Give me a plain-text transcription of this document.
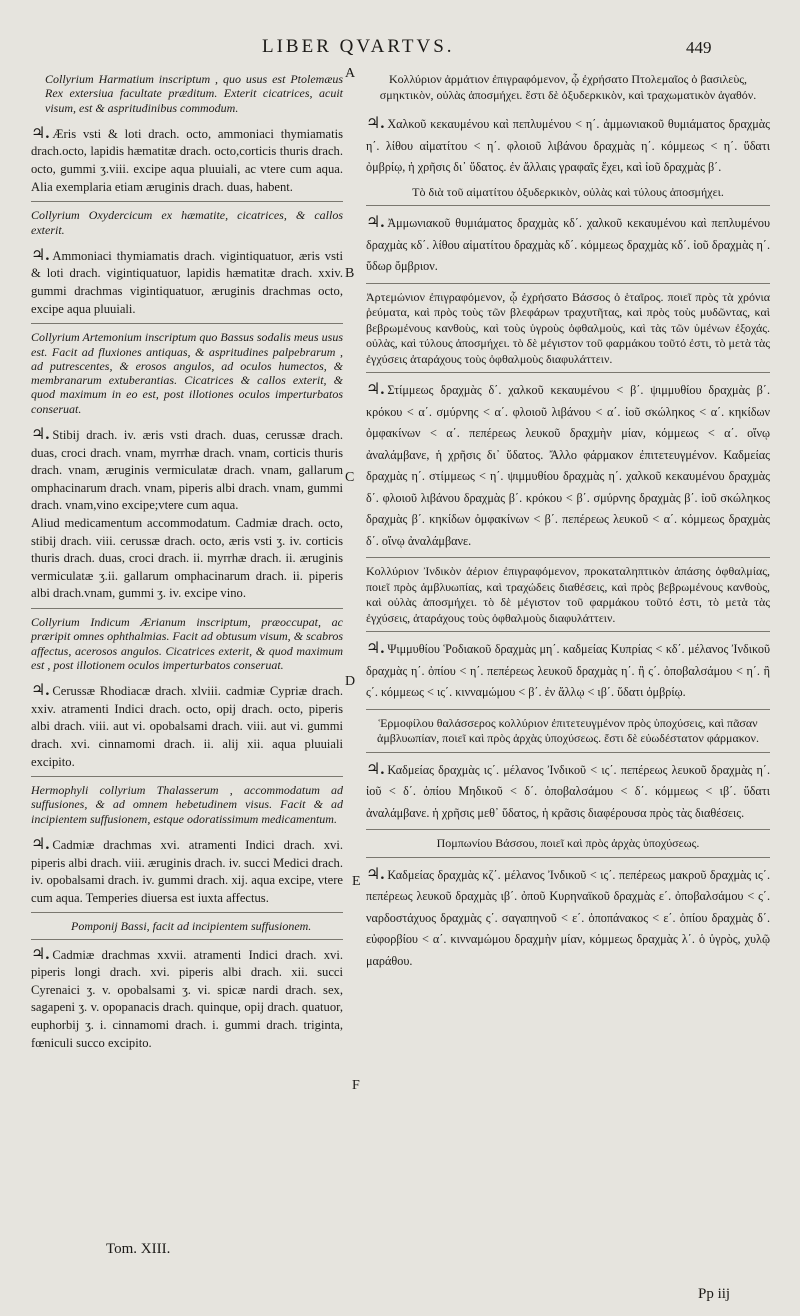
LIBER QVARTVS.	449
A
B
C
D
E
F

Collyrium Harmatium inscriptum , quo usus est Ptolemæus Rex extersiua facultate præditum. Exterit cicatrices, acuit visum, est & aspritudinibus commodum.

♃. Æris vsti & loti drach. octo, ammoniaci thymiamatis drach.octo, lapidis hæmatitæ drach. octo,corticis thuris drach. octo, gummi ʒ.viii. excipe aqua pluuiali, ac vtere cum aqua. Alia exemplaria etiam æruginis drach. duas, habent.

Collyrium Oxydercicum ex hæmatite, cicatrices, & callos exterit.

♃. Ammoniaci thymiamatis drach. vigintiquatuor, æris vsti & loti drach. vigintiquatuor, lapidis hæmatitæ drach. xxiv. gummi drachmas vigintiquatuor, æruginis drachmas octo, excipe aqua pluuiali.

Collyrium Artemonium inscriptum quo Bassus sodalis meus usus est. Facit ad fluxiones antiquas, & aspritudines palpebrarum , ad putrescentes, & erosos angulos, ad oculos humectos, & membranarum extuberantias. Cicatrices & callos exterit, & quod maximum in eo est, post illotiones oculos imperturbatos conseruat.

♃. Stibij drach. iv. æris vsti drach. duas, cerussæ drach. duas, croci drach. vnam, myrrhæ drach. vnam, corticis thuris drach. vnam, æruginis vermiculatæ drach. vnam, gallarum omphacinarum drach. vnam, piperis albi drach. vnam, gummi drach. vnam,vino excipe;vtere cum aqua.

Aliud medicamentum accommodatum. Cadmiæ drach. octo, stibij drach. viii. cerussæ drach. octo, æris vsti ʒ. iv. corticis thuris drach. duas, croci drach. ii. myrrhæ drach. ii. æruginis vermiculatæ ʒ.ii. gallarum omphacinarum drach. ii. piperis albi drach.vnam, gummi ʒ. iv. excipe vino.

Collyrium Indicum Ærianum inscriptum, præoccupat, ac præripit omnes ophthalmias. Facit ad obtusum visum, & scabros affectus, acerosos angulos. Cicatrices exterit, & quod maximum est , post illotionem oculos imperturbatos conseruat.

♃. Cerussæ Rhodiacæ drach. xlviii. cadmiæ Cypriæ drach. xxiv. atramenti Indici drach. octo, opij drach. octo, piperis albi drach. viii. aut vi. opobalsami drach. viii. aut vi. gummi drach. xvi. cinnamomi drach. ii. alij xii. aqua pluuiali excipito.

Hermophyli collyrium Thalasserum , accommodatum ad suffusiones, & ad omnem hebetudinem visus. Facit & ad incipientem suffusionem, estque odoratissimum medicamentum.

♃. Cadmiæ drachmas xvi. atramenti Indici drach. xvi. piperis albi drach. viii. æruginis drach. iv. succi Medici drach. iv. opobalsami drach. iv. gummi drach. xij. aqua excipe, vtere cum aqua. Temperies diuersa est iuxta affectus.

Pomponij Bassi, facit ad incipientem suffusionem.

♃. Cadmiæ drachmas xxvii. atramenti Indici drach. xvi. piperis longi drach. xvi. piperis albi drach. xii. succi Cyrenaici ʒ. v. opobalsami ʒ. vi. spicæ nardi drach. sex, sagapeni ʒ. v. opopanacis drach. quinque, opij drach. quatuor, euphorbij ʒ. i. cinnamomi drach. i. gummi drach. triginta, fœniculi succo excipito.

Κολλύριον ἁρμάτιον ἐπιγραφόμενον, ᾧ ἐχρήσατο Πτολεμαῖος ὁ βασιλεὺς, σμηκτικὸν, οὐλὰς ἀποσμήχει. ἔστι δὲ ὀξυδερκικὸν, καὶ τραχωματικὸν ἀγαθόν.

♃. Χαλκοῦ κεκαυμένου καὶ πεπλυμένου < η΄. ἀμμωνιακοῦ θυμιάματος δραχμὰς η΄. λίθου αἱματίτου < η΄. φλοιοῦ λιβάνου δραχμὰς η΄. κόμμεως < η΄. ὕδατι ὀμβρίῳ, ἡ χρῆσις δι᾽ ὕδατος. ἐν ἄλλαις γραφαῖς ἔχει, καὶ ἰοῦ δραχμὰς β΄.

Τὸ διὰ τοῦ αἱματίτου ὀξυδερκικὸν, οὐλὰς καὶ τύλους ἀποσμήχει.

♃. Ἀμμωνιακοῦ θυμιάματος δραχμὰς κδ΄. χαλκοῦ κεκαυμένου καὶ πεπλυμένου δραχμὰς κδ΄. λίθου αἱματίτου δραχμὰς κδ΄. κόμμεως δραχμὰς κδ΄. ἰοῦ δραχμὰς η΄. ὕδωρ ὄμβριον.

Ἀρτεμώνιον ἐπιγραφόμενον, ᾧ ἐχρήσατο Βάσσος ὁ ἑταῖρος. ποιεῖ πρὸς τὰ χρόνια ῥεύματα, καὶ πρὸς τοὺς τῶν βλεφάρων τραχυτῆτας, καὶ πρὸς τοὺς μυδῶντας, καὶ βεβρωμένους κανθοὺς, καὶ τοὺς ὑγροὺς ὀφθαλμοὺς, καὶ τὰς τῶν ὑμένων ἐξοχάς. οὐλὰς, καὶ τύλους ἀποσμήχει. τὸ δὲ μέγιστον τοῦ φαρμάκου τοῦτό ἐστι, τὸ μετὰ τὰς ἐγχύσεις ἀταράχους τοὺς ὀφθαλμοὺς διαφυλάττειν.

♃. Στίμμεως δραχμὰς δ΄. χαλκοῦ κεκαυμένου < β΄. ψιμμυθίου δραχμὰς β΄. κρόκου < α΄. σμύρνης < α΄. φλοιοῦ λιβάνου < α΄. ἰοῦ σκώληκος < α΄. κηκίδων ὀμφακίνων < α΄. πεπέρεως λευκοῦ δραχμὴν μίαν, κόμμεως < α΄. οἴνῳ ἀναλάμβανε, ἡ χρῆσις δι᾽ ὕδατος. Ἄλλο φάρμακον ἐπιτετευγμένον. Καδμείας δραχμὰς η΄. στίμμεως < η΄. ψιμμυθίου δραχμὰς η΄. χαλκοῦ κεκαυμένου δραχμὰς δ΄. φλοιοῦ λιβάνου δραχμὰς β΄. κρόκου < β΄. σμύρνης δραχμὰς β΄. ἰοῦ σκώληκος δραχμὰς β΄. κηκίδων ὀμφακίνων < β΄. πεπέρεως λευκοῦ < α΄. κόμμεως δραχμὰς δ΄. οἴνῳ ἀναλάμβανε.

Κολλύριον Ἰνδικὸν ἀέριον ἐπιγραφόμενον, προκαταληπτικὸν ἁπάσης ὀφθαλμίας, ποιεῖ πρὸς ἀμβλυωπίας, καὶ τραχώδεις διαθέσεις, καὶ πρὸς βεβρωμένους κανθοὺς, καὶ οὐλὰς ἀποσμήχει. τὸ δὲ μέγιστον τοῦ φαρμάκου τοῦτό ἐστι, τὸ μετὰ τὰς ἐγχύσεις, ἀταράχους τοὺς ὀφθαλμοὺς διαφυλάττειν.

♃. Ψιμμυθίου Ῥοδιακοῦ δραχμὰς μη΄. καδμείας Κυπρίας < κδ΄. μέλανος Ἰνδικοῦ δραχμὰς η΄. ὀπίου < η΄. πεπέρεως λευκοῦ δραχμὰς η΄. ἢ ς΄. ὀποβαλσάμου < η΄. ἢ ς΄. κόμμεως < ις΄. κινναμώμου < β΄. ἐν ἄλλῳ < ιβ΄. ὕδατι ὀμβρίῳ.

Ἑρμοφίλου θαλάσσερος κολλύριον ἐπιτετευγμένον πρὸς ὑποχύσεις, καὶ πᾶσαν ἀμβλυωπίαν, ποιεῖ καὶ πρὸς ἀρχὰς ὑποχύσεως. ἔστι δὲ εὐωδέστατον φάρμακον.

♃. Καδμείας δραχμὰς ις΄. μέλανος Ἰνδικοῦ < ις΄. πεπέρεως λευκοῦ δραχμὰς η΄. ἰοῦ < δ΄. ὀπίου Μηδικοῦ < δ΄. ὀποβαλσάμου < δ΄. κόμμεως < ιβ΄. ὕδατι ἀναλάμβανε. ἡ χρῆσις μεθ᾽ ὕδατος, ἡ κρᾶσις διαφέρουσα πρὸς τὰς διαθέσεις.

Πομπωνίου Βάσσου, ποιεῖ καὶ πρὸς ἀρχὰς ὑποχύσεως.

♃. Καδμείας δραχμὰς κζ΄. μέλανος Ἰνδικοῦ < ις΄. πεπέρεως μακροῦ δραχμὰς ις΄. πεπέρεως λευκοῦ δραχμὰς ιβ΄. ὀποῦ Κυρηναϊκοῦ δραχμὰς ε΄. ὀποβαλσάμου < ς΄. ναρδοστάχυος δραχμὰς ς΄. σαγαπηνοῦ < ε΄. ὀποπάνακος < ε΄. ὀπίου δραχμὰς δ΄. εὐφορβίου < α΄. κινναμώμου δραχμὴν μίαν, κόμμεως δραχμὰς λ΄. ὁ ὑγρὸς, χυλῷ μαράθου.

Tom. XIII.
Pp iij
